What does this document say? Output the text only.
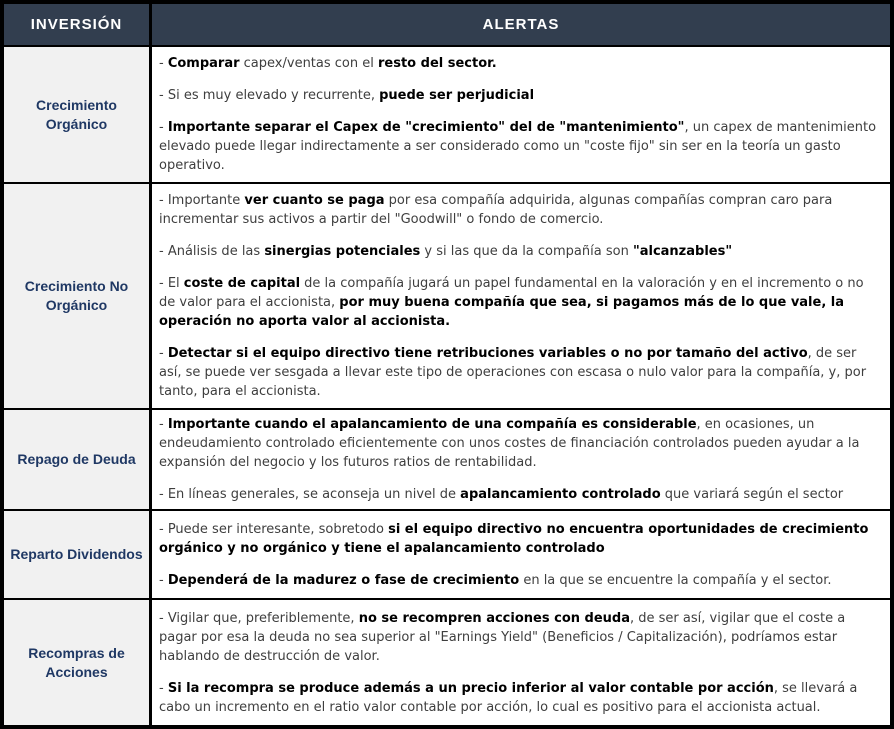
INVERSIÓN	ALERTAS
Crecimiento Orgánico

- Comparar capex/ventas con el resto del sector.

- Si es muy elevado y recurrente, puede ser perjudicial

- Importante separar el Capex de "crecimiento" del de "mantenimiento", un capex de mantenimiento elevado puede llegar indirectamente a ser considerado como un "coste fijo" sin ser en la teoría un gasto operativo.

Crecimiento No Orgánico

- Importante ver cuanto se paga por esa compañía adquirida, algunas compañías compran caro para incrementar sus activos a partir del "Goodwill" o fondo de comercio.

- Análisis de las sinergias potenciales y si las que da la compañía son "alcanzables"

- El coste de capital de la compañía jugará un papel fundamental en la valoración y en el incremento o no de valor para el accionista, por muy buena compañía que sea, si pagamos más de lo que vale, la operación no aporta valor al accionista.

- Detectar si el equipo directivo tiene retribuciones variables o no por tamaño del activo, de ser así, se puede ver sesgada a llevar este tipo de operaciones con escasa o nulo valor para la compañía, y, por tanto, para el accionista.

Repago de Deuda

- Importante cuando el apalancamiento de una compañía es considerable, en ocasiones, un endeudamiento controlado eficientemente con unos costes de financiación controlados pueden ayudar a la expansión del negocio y los futuros ratios de rentabilidad.

- En líneas generales, se aconseja un nivel de apalancamiento controlado que variará según el sector

Reparto Dividendos

- Puede ser interesante, sobretodo si el equipo directivo no encuentra oportunidades de crecimiento orgánico y no orgánico y tiene el apalancamiento controlado

- Dependerá de la madurez o fase de crecimiento en la que se encuentre la compañía y el sector.

Recompras de Acciones

- Vigilar que, preferiblemente, no se recompren acciones con deuda, de ser así, vigilar que el coste a pagar por esa la deuda no sea superior al "Earnings Yield" (Beneficios / Capitalización), podríamos estar hablando de destrucción de valor.

- Si la recompra se produce además a un precio inferior al valor contable por acción, se llevará a cabo un incremento en el ratio valor contable por acción, lo cual es positivo para el accionista actual.
